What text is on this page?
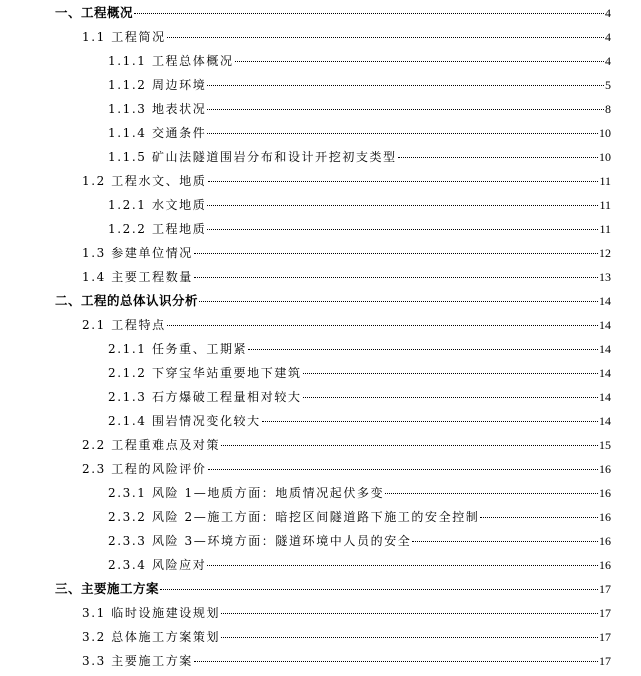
一、工程概况	4
1.1 工程简况	4
1.1.1 工程总体概况	4
1.1.2 周边环境	5
1.1.3 地表状况	8
1.1.4 交通条件	10
1.1.5 矿山法隧道围岩分布和设计开挖初支类型	10
1.2 工程水文、地质	11
1.2.1 水文地质	11
1.2.2 工程地质	11
1.3 参建单位情况	12
1.4 主要工程数量	13
二、工程的总体认识分析	14
2.1 工程特点	14
2.1.1 任务重、工期紧	14
2.1.2 下穿宝华站重要地下建筑	14
2.1.3 石方爆破工程量相对较大	14
2.1.4 围岩情况变化较大	14
2.2 工程重难点及对策	15
2.3 工程的风险评价	16
2.3.1 风险 1—地质方面：地质情况起伏多变	16
2.3.2 风险 2—施工方面：暗挖区间隧道路下施工的安全控制	16
2.3.3 风险 3—环境方面：隧道环境中人员的安全	16
2.3.4 风险应对	16
三、主要施工方案	17
3.1 临时设施建设规划	17
3.2 总体施工方案策划	17
3.3 主要施工方案	17
